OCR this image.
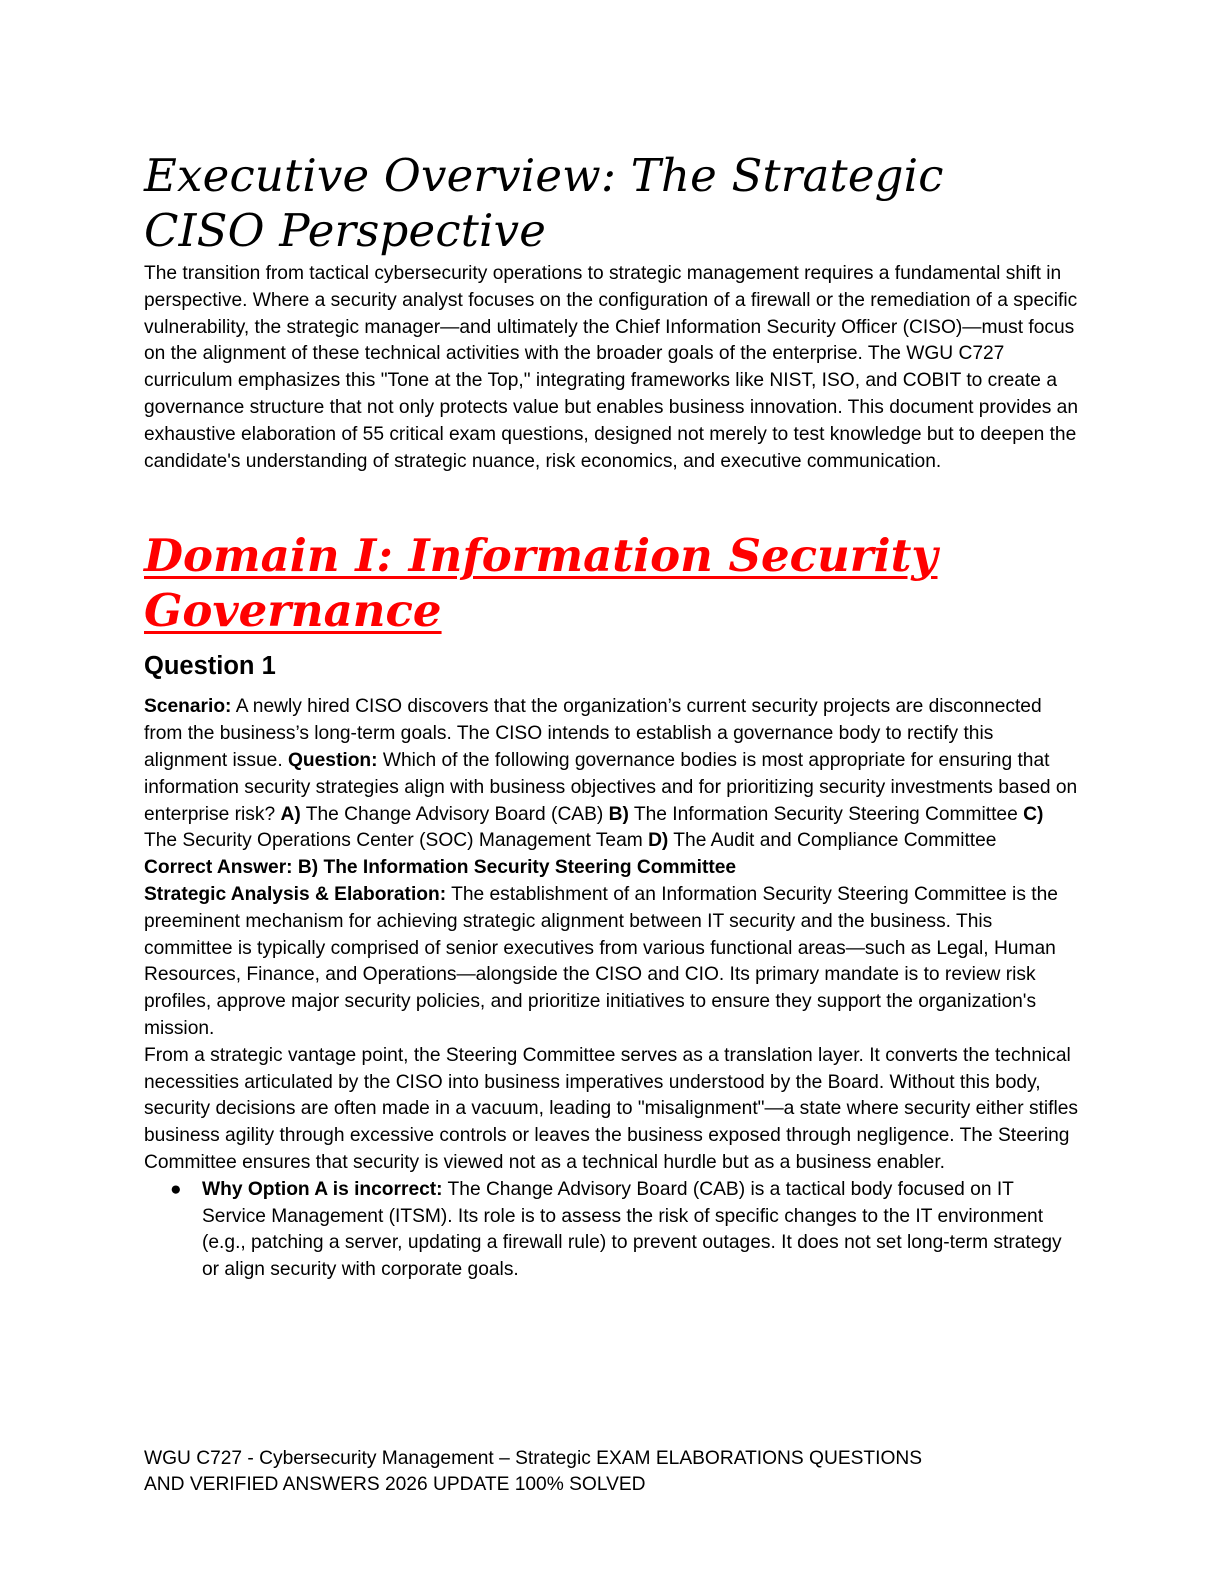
Executive Overview: The Strategic
CISO Perspective

The transition from tactical cybersecurity operations to strategic management requires a fundamental shift in perspective. Where a security analyst focuses on the configuration of a firewall or the remediation of a specific vulnerability, the strategic manager—and ultimately the Chief Information Security Officer (CISO)—must focus on the alignment of these technical activities with the broader goals of the enterprise. The WGU C727 curriculum emphasizes this "Tone at the Top," integrating frameworks like NIST, ISO, and COBIT to create a governance structure that not only protects value but enables business innovation. This document provides an exhaustive elaboration of 55 critical exam questions, designed not merely to test knowledge but to deepen the candidate's understanding of strategic nuance, risk economics, and executive communication.

Domain I: Information Security
Governance
Question 1

Scenario: A newly hired CISO discovers that the organization’s current security projects are disconnected from the business’s long-term goals. The CISO intends to establish a governance body to rectify this alignment issue. Question: Which of the following governance bodies is most appropriate for ensuring that information security strategies align with business objectives and for prioritizing security investments based on enterprise risk? A) The Change Advisory Board (CAB) B) The Information Security Steering Committee C) The Security Operations Center (SOC) Management Team D) The Audit and Compliance Committee

Correct Answer: B) The Information Security Steering Committee

Strategic Analysis & Elaboration: The establishment of an Information Security Steering Committee is the preeminent mechanism for achieving strategic alignment between IT security and the business. This committee is typically comprised of senior executives from various functional areas—such as Legal, Human Resources, Finance, and Operations—alongside the CISO and CIO. Its primary mandate is to review risk profiles, approve major security policies, and prioritize initiatives to ensure they support the organization's mission.

From a strategic vantage point, the Steering Committee serves as a translation layer. It converts the technical necessities articulated by the CISO into business imperatives understood by the Board. Without this body, security decisions are often made in a vacuum, leading to "misalignment"—a state where security either stifles business agility through excessive controls or leaves the business exposed through negligence. The Steering Committee ensures that security is viewed not as a technical hurdle but as a business enabler.

● Why Option A is incorrect: The Change Advisory Board (CAB) is a tactical body focused on IT Service Management (ITSM). Its role is to assess the risk of specific changes to the IT environment (e.g., patching a server, updating a firewall rule) to prevent outages. It does not set long-term strategy or align security with corporate goals.
WGU C727 - Cybersecurity Management – Strategic EXAM ELABORATIONS QUESTIONS
AND VERIFIED ANSWERS 2026 UPDATE 100% SOLVED
